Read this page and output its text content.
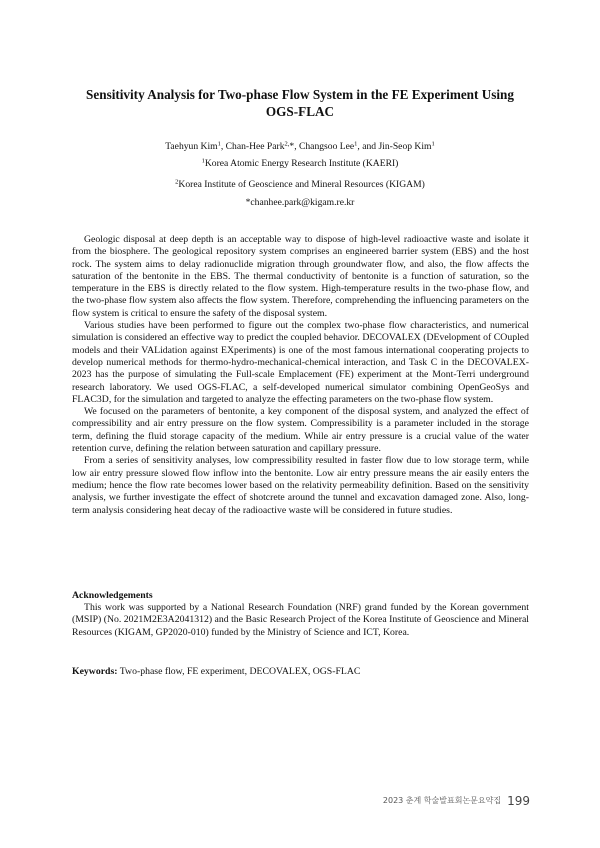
Sensitivity Analysis for Two-phase Flow System in the FE Experiment Using
OGS-FLAC
Taehyun Kim$^1$, Chan-Hee Park$^{2,}$*, Changsoo Lee$^1$, and Jin-Seop Kim$^1$
$^1$Korea Atomic Energy Research Institute (KAERI)
$^2$Korea Institute of Geoscience and Mineral Resources (KIGAM)
*chanhee.park@kigam.re.kr

Geologic disposal at deep depth is an acceptable way to dispose of high-level radioactive waste and isolate it from the biosphere. The geological repository system comprises an engineered barrier system (EBS) and the host rock. The system aims to delay radionuclide migration through groundwater flow, and also, the flow affects the saturation of the bentonite in the EBS. The thermal conductivity of bentonite is a function of saturation, so the temperature in the EBS is directly related to the flow system. High-temperature results in the two-phase flow, and the two-phase flow system also affects the flow system. Therefore, comprehending the influencing parameters on the flow system is critical to ensure the safety of the disposal system.

Various studies have been performed to figure out the complex two-phase flow characteristics, and numerical simulation is considered an effective way to predict the coupled behavior. DECOVALEX (DEvelopment of COupled models and their VALidation against EXperiments) is one of the most famous international cooperating projects to develop numerical methods for thermo-hydro-mechanical-chemical interaction, and Task C in the DECOVALEX-2023 has the purpose of simulating the Full-scale Emplacement (FE) experiment at the Mont-Terri underground research laboratory. We used OGS-FLAC, a self-developed numerical simulator combining OpenGeoSys and FLAC3D, for the simulation and targeted to analyze the effecting parameters on the two-phase flow system.

We focused on the parameters of bentonite, a key component of the disposal system, and analyzed the effect of compressibility and air entry pressure on the flow system. Compressibility is a parameter included in the storage term, defining the fluid storage capacity of the medium. While air entry pressure is a crucial value of the water retention curve, defining the relation between saturation and capillary pressure.

From a series of sensitivity analyses, low compressibility resulted in faster flow due to low storage term, while low air entry pressure slowed flow inflow into the bentonite. Low air entry pressure means the air easily enters the medium; hence the flow rate becomes lower based on the relativity permeability definition. Based on the sensitivity analysis, we further investigate the effect of shotcrete around the tunnel and excavation damaged zone. Also, long-term analysis considering heat decay of the radioactive waste will be considered in future studies.

Acknowledgements

This work was supported by a National Research Foundation (NRF) grand funded by the Korean government (MSIP) (No. 2021M2E3A2041312) and the Basic Research Project of the Korea Institute of Geoscience and Mineral Resources (KIGAM, GP2020-010) funded by the Ministry of Science and ICT, Korea.

Keywords: Two-phase flow, FE experiment, DECOVALEX, OGS-FLAC
2023 춘계 학술발표회논문요약집 199
